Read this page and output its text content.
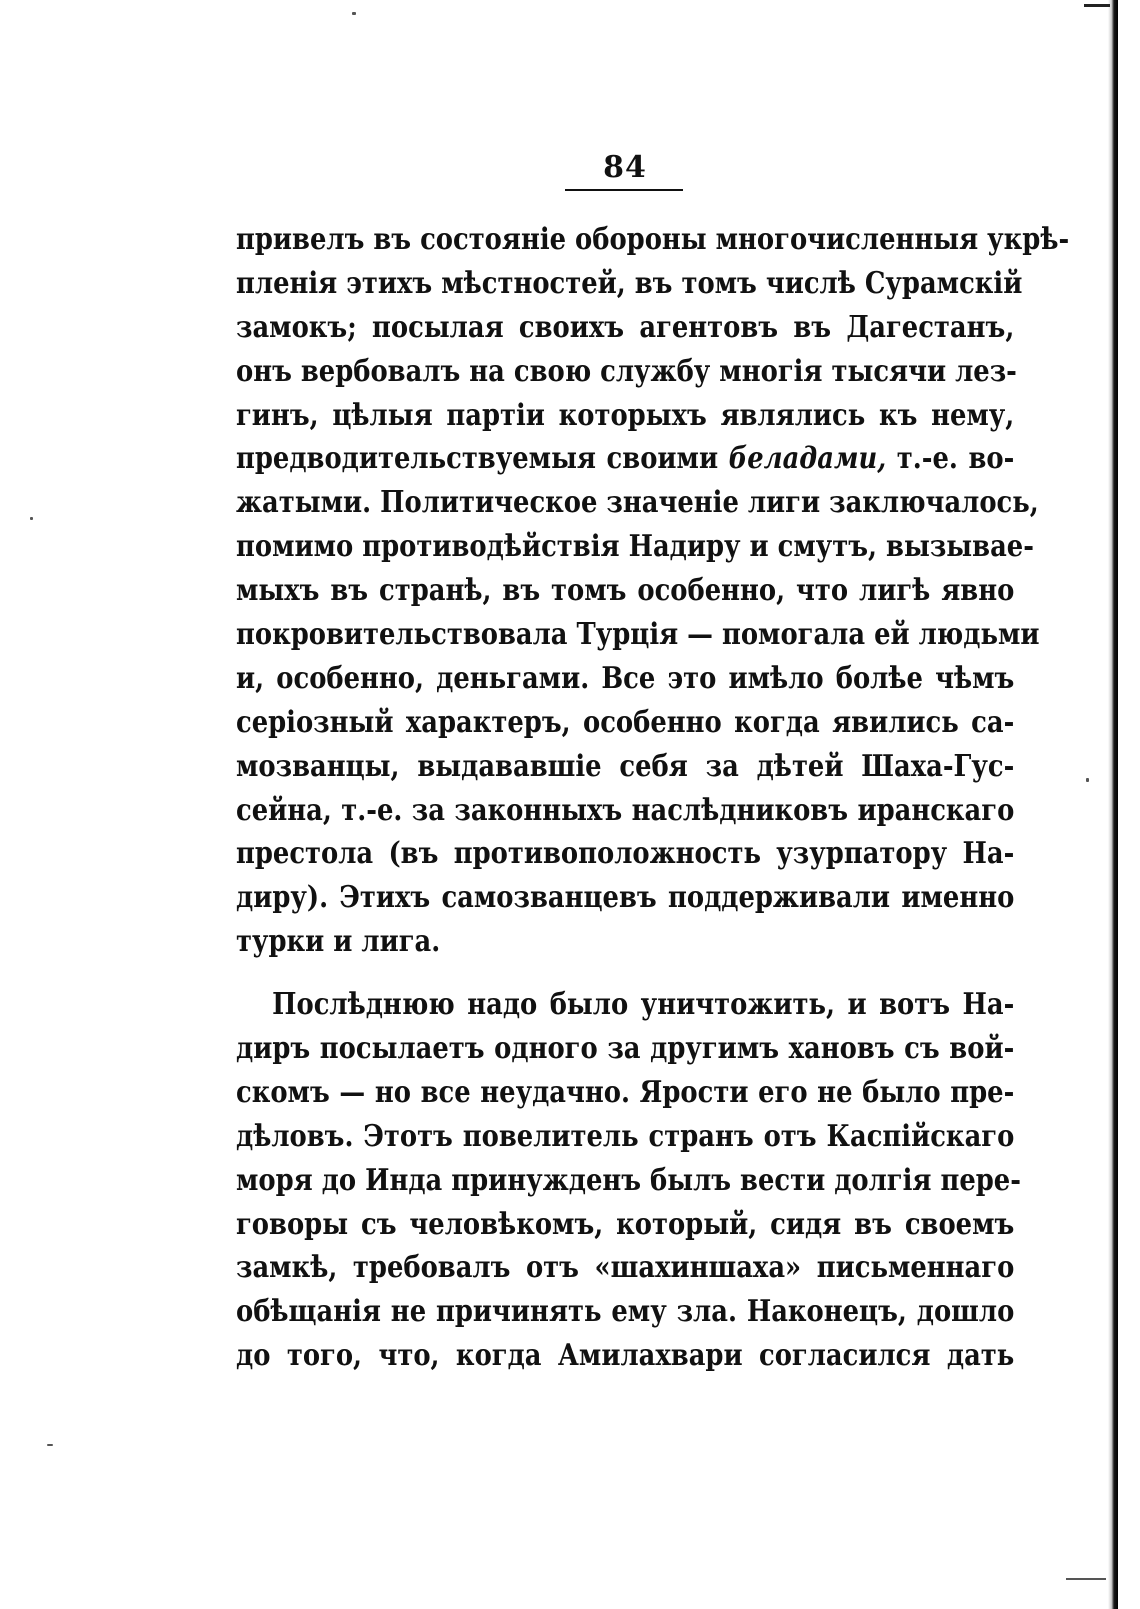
84
привелъ въ состояніе обороны многочисленныя укрѣ-
пленія этихъ мѣстностей, въ томъ числѣ Сурамскій
замокъ; посылая своихъ агентовъ въ Дагестанъ,
онъ вербовалъ на свою службу многія тысячи лез-
гинъ, цѣлыя партіи которыхъ являлись къ нему,
предводительствуемыя своими беладами, т.-е. во-
жатыми. Политическое значеніе лиги заключалось,
помимо противодѣйствія Надиру и смутъ, вызывае-
мыхъ въ странѣ, въ томъ особенно, что лигѣ явно
покровительствовала Турція — помогала ей людьми
и, особенно, деньгами. Все это имѣло болѣе чѣмъ
серіозный характеръ, особенно когда явились са-
мозванцы, выдававшіе себя за дѣтей Шаха-Гус-
сейна, т.-е. за законныхъ наслѣдниковъ иранскаго
престола (въ противоположность узурпатору На-
диру). Этихъ самозванцевъ поддерживали именно
турки и лига.
Послѣднюю надо было уничтожить, и вотъ На-
диръ посылаетъ одного за другимъ хановъ съ вой-
скомъ — но все неудачно. Ярости его не было пре-
дѣловъ. Этотъ повелитель странъ отъ Каспійскаго
моря до Инда принужденъ былъ вести долгія пере-
говоры съ человѣкомъ, который, сидя въ своемъ
замкѣ, требовалъ отъ «шахиншаха» письменнаго
обѣщанія не причинять ему зла. Наконецъ, дошло
до того, что, когда Амилахвари согласился дать
